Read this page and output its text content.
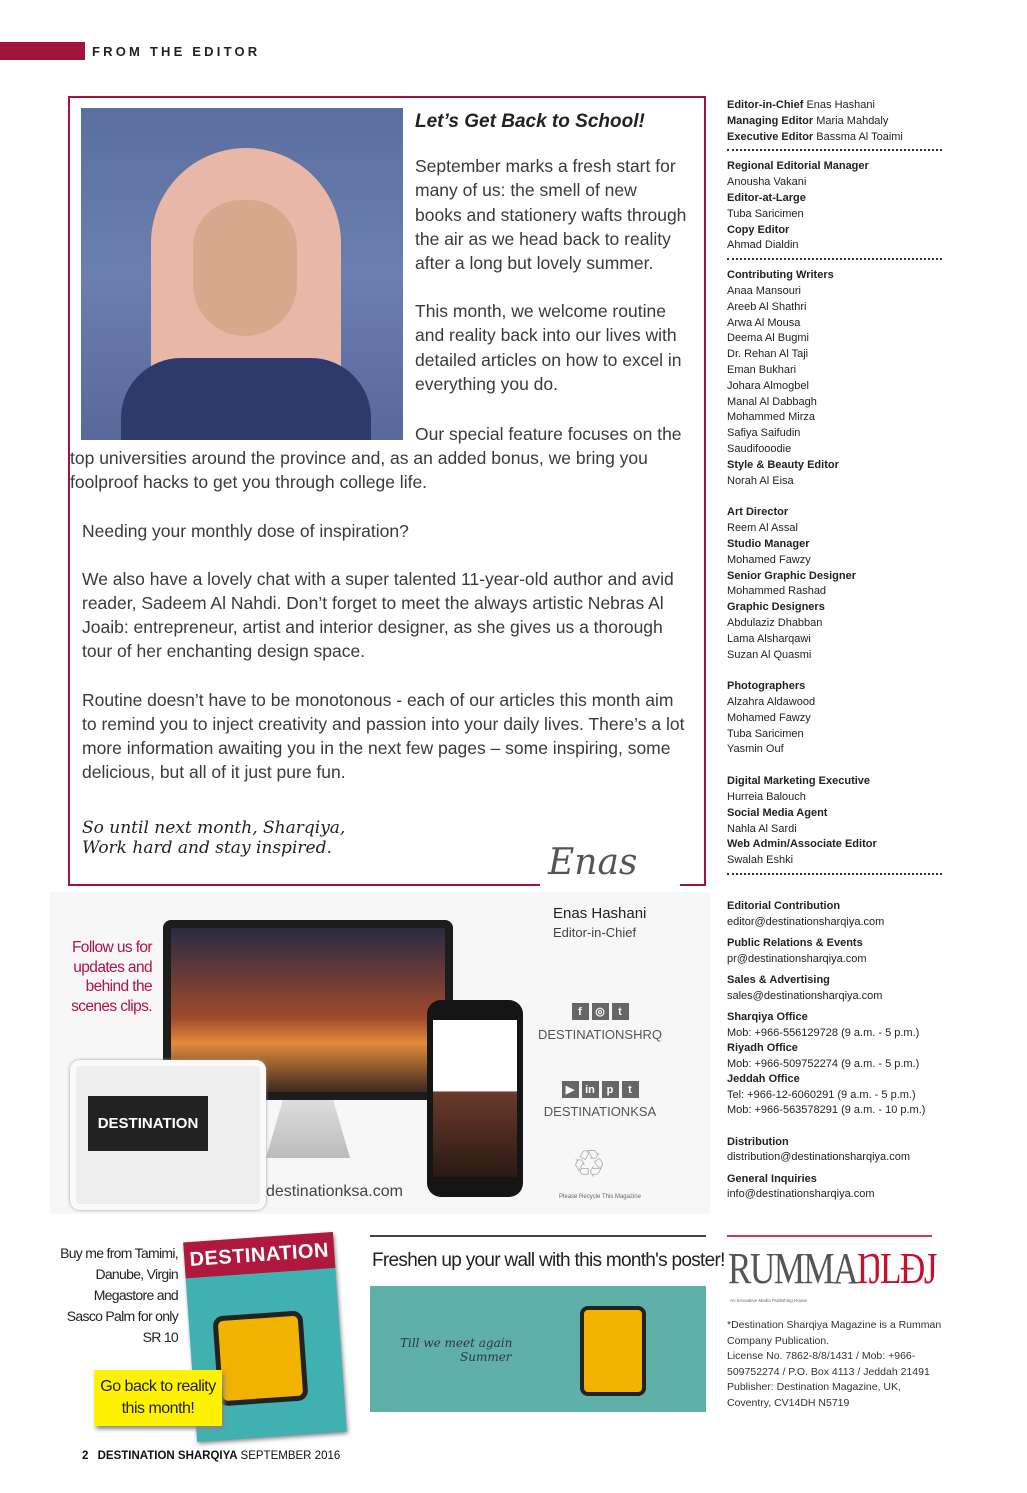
FROM THE EDITOR
Let’s Get Back to School!

September marks a fresh start for many of us: the smell of new books and stationery wafts through the air as we head back to reality after a long but lovely summer.

This month, we welcome routine and reality back into our lives with detailed articles on how to excel in everything you do.

Our special feature focuses on the top universities around the province and, as an added bonus, we bring you foolproof hacks to get you through college life.

Needing your monthly dose of inspiration?

We also have a lovely chat with a super talented 11-year-old author and avid reader, Sadeem Al Nahdi. Don’t forget to meet the always artistic Nebras Al Joaib: entrepreneur, artist and interior designer, as she gives us a thorough tour of her enchanting design space.

Routine doesn’t have to be monotonous - each of our articles this month aim to remind you to inject creativity and passion into your daily lives. There’s a lot more information awaiting you in the next few pages – some inspiring, some delicious, but all of it just pure fun.

So until next month, Sharqiya,
Work hard and stay inspired.	Enas
Enas Hashani
Editor-in-Chief
Follow us for updates and behind the scenes clips.
DESTINATION
destinationksa.com
f	◎	t
DESTINATIONSHRQ
▶ in	p	t
DESTINATIONKSA
♲
Please Recycle This Magazine
DESTINATION
Buy me from Tamimi, Danube, Virgin Megastore and Sasco Palm for only SR 10
Go back to reality this month!
Freshen up your wall with this month's poster!
Till we meet again
Summer
2 DESTINATION SHARQIYA SEPTEMBER 2016
Editor-in-Chief Enas Hashani
Managing Editor Maria Mahdaly
Executive Editor Bassma Al Toaimi
Regional Editorial Manager
Anousha Vakani
Editor-at-Large
Tuba Saricimen
Copy Editor
Ahmad Dialdin
Contributing Writers
Anaa Mansouri
Areeb Al Shathri
Arwa Al Mousa
Deema Al Bugmi
Dr. Rehan Al Taji
Eman Bukhari
Johara Almogbel
Manal Al Dabbagh
Mohammed Mirza
Safiya Saifudin
Saudifooodie
Style & Beauty Editor
Norah Al Eisa
Art Director
Reem Al Assal
Studio Manager
Mohamed Fawzy
Senior Graphic Designer
Mohammed Rashad
Graphic Designers
Abdulaziz Dhabban
Lama Alsharqawi
Suzan Al Quasmi
Photographers
Alzahra Aldawood
Mohamed Fawzy
Tuba Saricimen
Yasmin Ouf
Digital Marketing Executive
Hurreia Balouch
Social Media Agent
Nahla Al Sardi
Web Admin/Associate Editor
Swalah Eshki
Editorial Contribution
editor@destinationsharqiya.com
Public Relations & Events
pr@destinationsharqiya.com
Sales & Advertising
sales@destinationsharqiya.com
Sharqiya Office
Mob: +966-556129728 (9 a.m. - 5 p.m.)
Riyadh Office
Mob: +966-509752274 (9 a.m. - 5 p.m.)
Jeddah Office
Tel: +966-12-6060291 (9 a.m. - 5 p.m.)
Mob: +966-563578291 (9 a.m. - 10 p.m.)
Distribution
distribution@destinationsharqiya.com
General Inquiries
info@destinationsharqiya.com
RUMMAŊLĐJ
An Innovative Media Publishing House
*Destination Sharqiya Magazine is a Rumman Company Publication.
License No. 7862-8/8/1431 / Mob: +966-509752274 / P.O. Box 4113 / Jeddah 21491
Publisher: Destination Magazine, UK, Coventry, CV14DH N5719
